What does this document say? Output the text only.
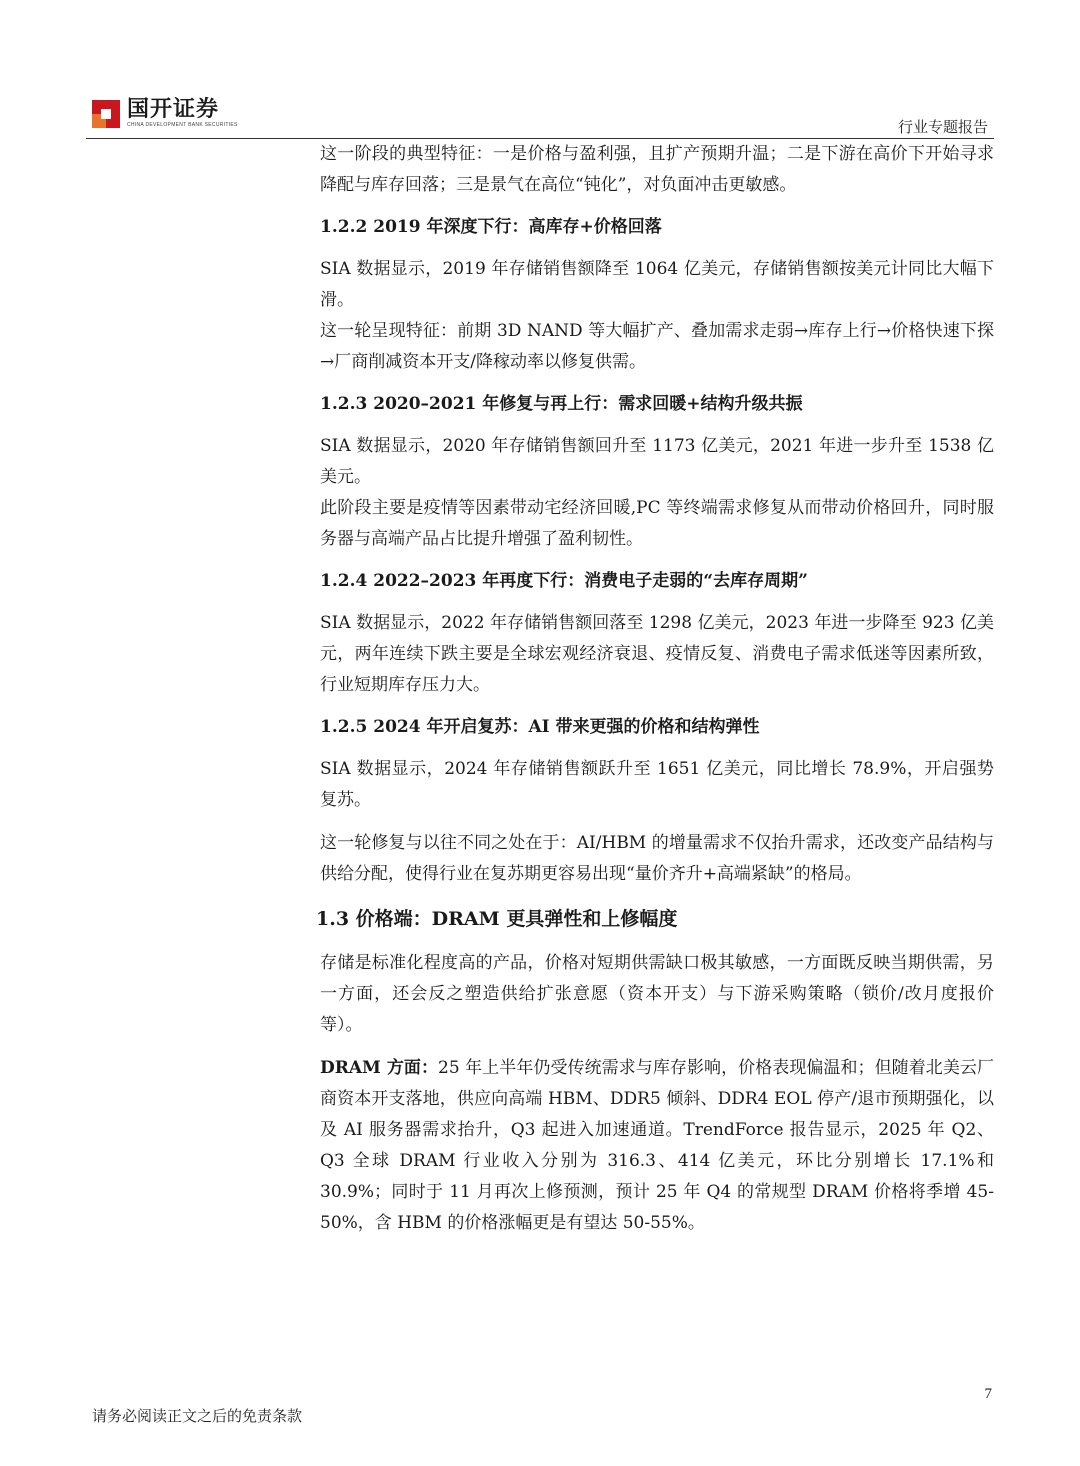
国开证券
CHINA DEVELOPMENT BANK SECURITIES	行业专题报告

这一阶段的典型特征：一是价格与盈利强，且扩产预期升温；二是下游在高价下开始寻求降配与库存回落；三是景气在高位“钝化”，对负面冲击更敏感。

1.2.2 2019 年深度下行：高库存+价格回落

SIA 数据显示，2019 年存储销售额降至 1064 亿美元，存储销售额按美元计同比大幅下滑。

这一轮呈现特征：前期 3D NAND 等大幅扩产、叠加需求走弱→库存上行→价格快速下探→厂商削减资本开支/降稼动率以修复供需。

1.2.3 2020–2021 年修复与再上行：需求回暖+结构升级共振

SIA 数据显示，2020 年存储销售额回升至 1173 亿美元，2021 年进一步升至 1538 亿美元。

此阶段主要是疫情等因素带动宅经济回暖,PC 等终端需求修复从而带动价格回升，同时服务器与高端产品占比提升增强了盈利韧性。

1.2.4 2022–2023 年再度下行：消费电子走弱的“去库存周期”

SIA 数据显示，2022 年存储销售额回落至 1298 亿美元，2023 年进一步降至 923 亿美元，两年连续下跌主要是全球宏观经济衰退、疫情反复、消费电子需求低迷等因素所致，行业短期库存压力大。

1.2.5 2024 年开启复苏：AI 带来更强的价格和结构弹性

SIA 数据显示，2024 年存储销售额跃升至 1651 亿美元，同比增长 78.9%，开启强势复苏。

这一轮修复与以往不同之处在于：AI/HBM 的增量需求不仅抬升需求，还改变产品结构与供给分配，使得行业在复苏期更容易出现“量价齐升+高端紧缺”的格局。

1.3 价格端：DRAM 更具弹性和上修幅度

存储是标准化程度高的产品，价格对短期供需缺口极其敏感，一方面既反映当期供需，另一方面，还会反之塑造供给扩张意愿（资本开支）与下游采购策略（锁价/改月度报价等）。

DRAM 方面：25 年上半年仍受传统需求与库存影响，价格表现偏温和；但随着北美云厂商资本开支落地，供应向高端 HBM、DDR5 倾斜、DDR4 EOL 停产/退市预期强化，以及 AI 服务器需求抬升，Q3 起进入加速通道。TrendForce 报告显示，2025 年 Q2、Q3 全球 DRAM 行业收入分别为 316.3、414 亿美元，环比分别增长 17.1%和 30.9%；同时于 11 月再次上修预测，预计 25 年 Q4 的常规型 DRAM 价格将季增 45-50%，含 HBM 的价格涨幅更是有望达 50-55%。

7
请务必阅读正文之后的免责条款
